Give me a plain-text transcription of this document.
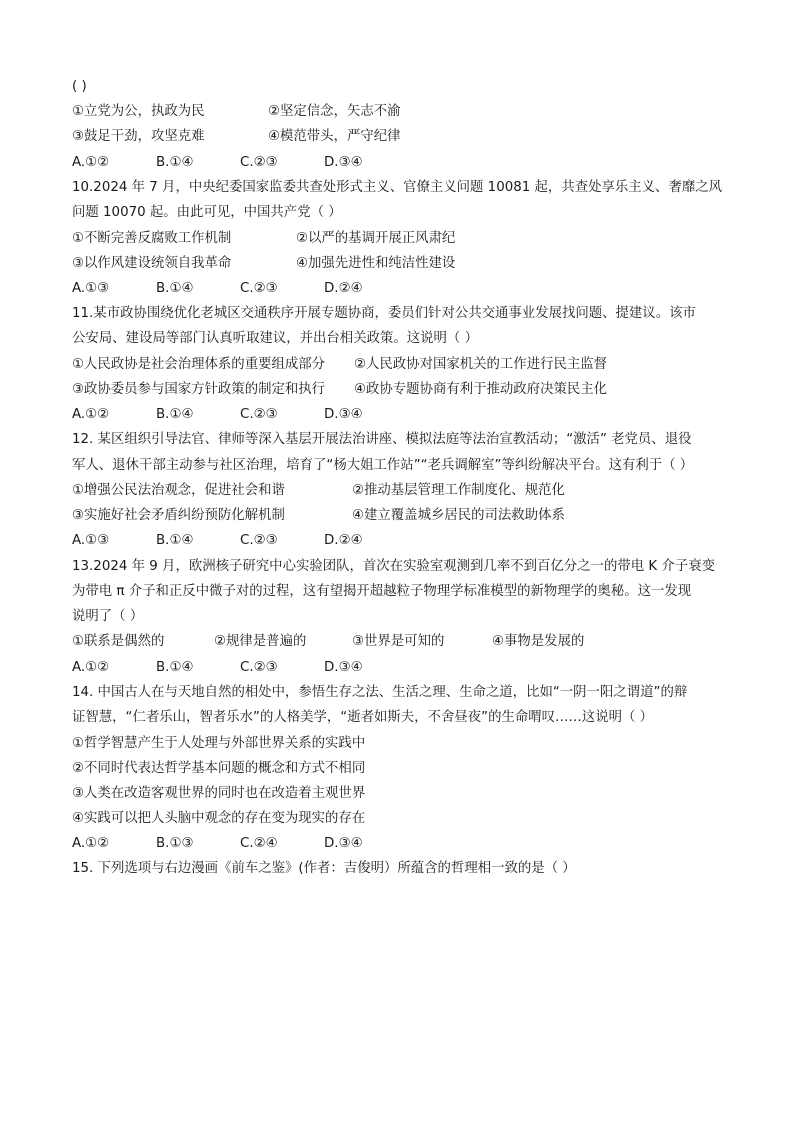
( )
①立党为公，执政为民	②坚定信念，矢志不渝
③鼓足干劲，攻坚克难	④模范带头，严守纪律
A.①②	B.①④	C.②③	D.③④
10.2024 年 7 月，中央纪委国家监委共查处形式主义、官僚主义问题 10081 起，共查处享乐主义、奢靡之风
问题 10070 起。由此可见，中国共产党（ ）
①不断完善反腐败工作机制	②以严的基调开展正风肃纪
③以作风建设统领自我革命	④加强先进性和纯洁性建设
A.①③	B.①④	C.②③	D.②④
11.某市政协围绕优化老城区交通秩序开展专题协商，委员们针对公共交通事业发展找问题、提建议。该市
公安局、建设局等部门认真听取建议，并出台相关政策。这说明（ ）
①人民政协是社会治理体系的重要组成部分 ②人民政协对国家机关的工作进行民主监督
③政协委员参与国家方针政策的制定和执行 ④政协专题协商有利于推动政府决策民主化
A.①②	B.①④	C.②③	D.③④
12. 某区组织引导法官、律师等深入基层开展法治讲座、模拟法庭等法治宣教活动；“激活” 老党员、退役
军人、退休干部主动参与社区治理，培育了“杨大姐工作站”“老兵调解室”等纠纷解决平台。这有利于（ ）
①增强公民法治观念，促进社会和谐	②推动基层管理工作制度化、规范化
③实施好社会矛盾纠纷预防化解机制	④建立覆盖城乡居民的司法救助体系
A.①③	B.①④	C.②③	D.②④
13.2024 年 9 月，欧洲核子研究中心实验团队，首次在实验室观测到几率不到百亿分之一的带电 K 介子衰变
为带电 π 介子和正反中微子对的过程，这有望揭开超越粒子物理学标准模型的新物理学的奥秘。这一发现
说明了（ ）
①联系是偶然的	②规律是普遍的	③世界是可知的	④事物是发展的
A.①②	B.①④	C.②③	D.③④
14. 中国古人在与天地自然的相处中，参悟生存之法、生活之理、生命之道，比如“一阴一阳之谓道”的辩
证智慧，“仁者乐山，智者乐水”的人格美学，“逝者如斯夫，不舍昼夜”的生命喟叹……这说明（ ）
①哲学智慧产生于人处理与外部世界关系的实践中
②不同时代表达哲学基本问题的概念和方式不相同
③人类在改造客观世界的同时也在改造着主观世界
④实践可以把人头脑中观念的存在变为现实的存在
A.①②	B.①③	C.②④	D.③④
15. 下列选项与右边漫画《前车之鉴》(作者：吉俊明）所蕴含的哲理相一致的是（ ）
